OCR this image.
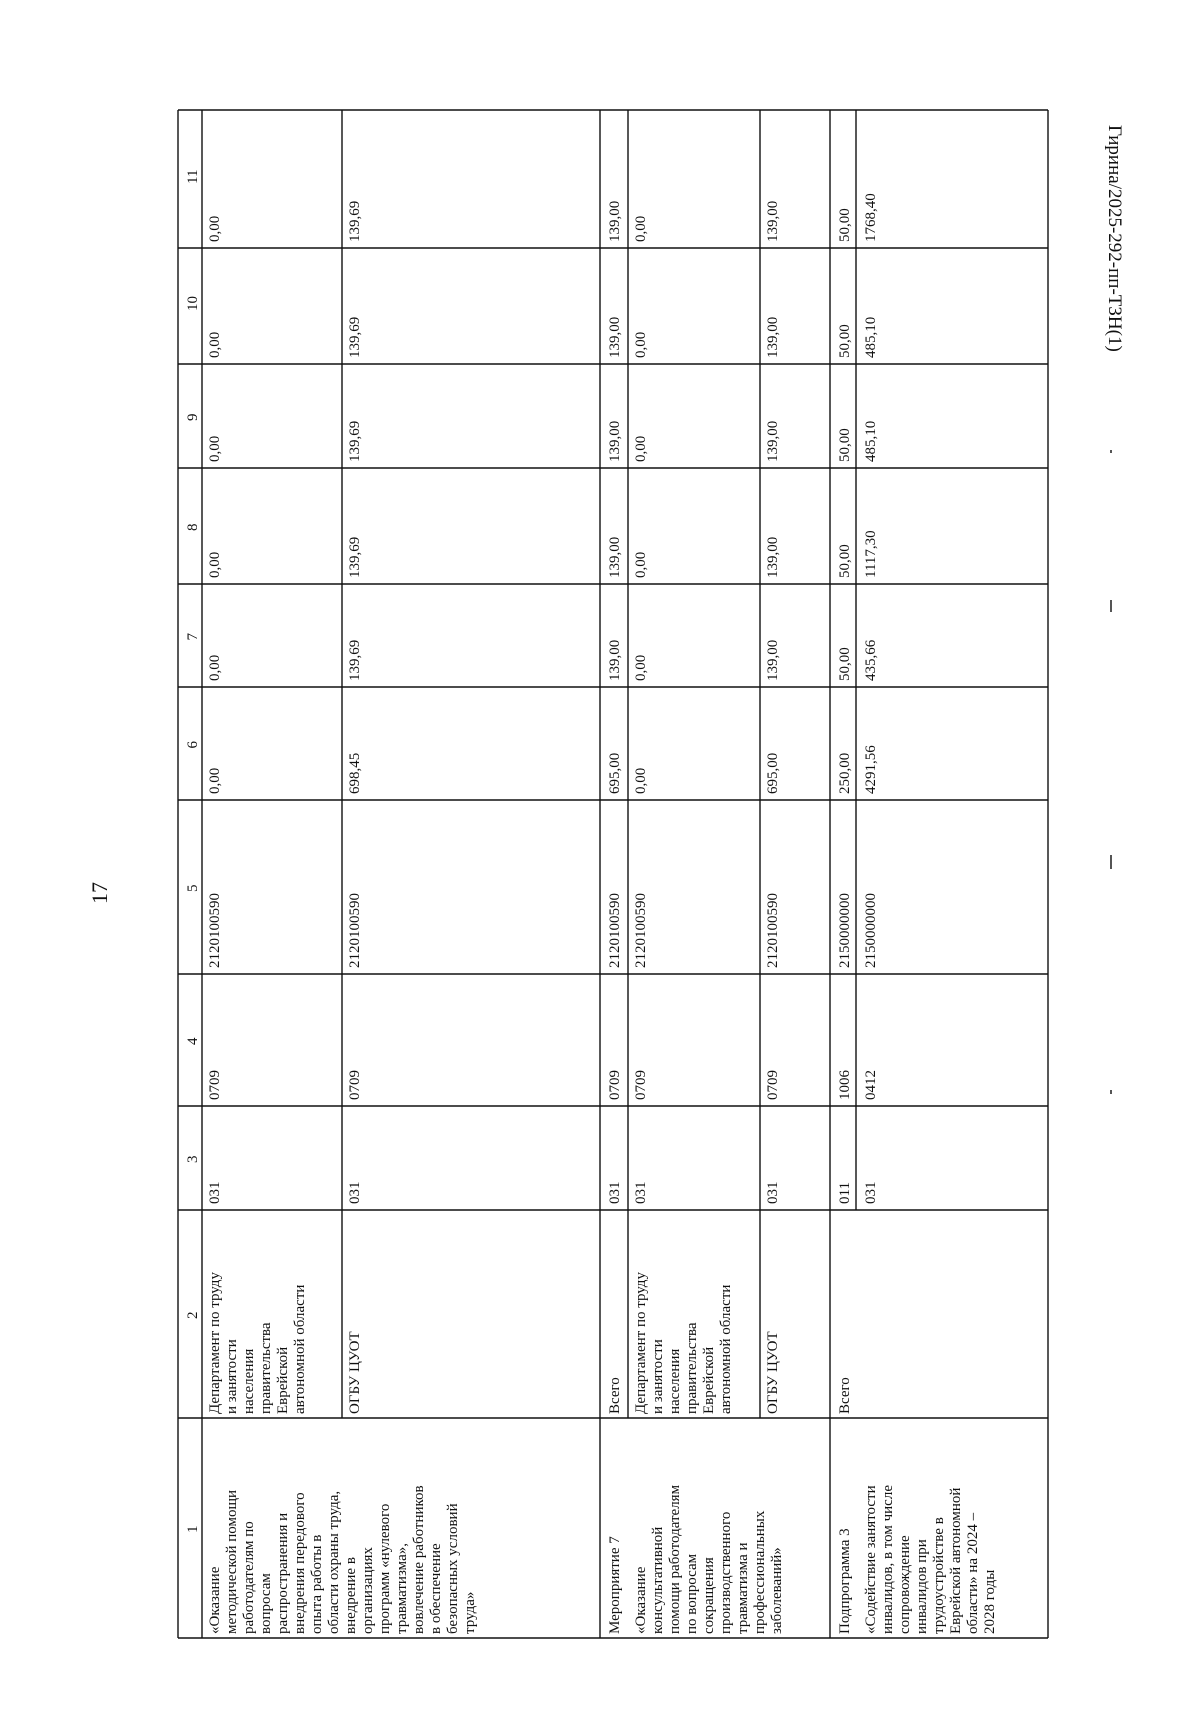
17
1
2
3
4
5
6
7
8
9
10
11
«Оказаниеметодической помощиработодателям повопросамраспространения ивнедрения передовогоопыта работы вобласти охраны труда,внедрение ворганизацияхпрограмм «нулевоготравматизма»,вовлечение работниковв обеспечениебезопасных условийтруда»
Департамент по трудуи занятостинаселенияправительстваЕврейскойавтономной области
031
0709
2120100590
0,00
0,00
0,00
0,00
0,00
0,00
ОГБУ ЦУОТ
031
0709
2120100590
698,45
139,69
139,69
139,69
139,69
139,69
Мероприятие 7
Всего
031
0709
2120100590
695,00
139,00
139,00
139,00
139,00
139,00
«Оказаниеконсультативнойпомощи работодателямпо вопросамсокращенияпроизводственноготравматизма ипрофессиональныхзаболеваний»
Департамент по трудуи занятостинаселенияправительстваЕврейскойавтономной области
031
0709
2120100590
0,00
0,00
0,00
0,00
0,00
0,00
ОГБУ ЦУОТ
031
0709
2120100590
695,00
139,00
139,00
139,00
139,00
139,00
Подпрограмма 3
Всего
011
1006
2150000000
250,00
50,00
50,00
50,00
50,00
50,00
031
0412
2150000000
4291,56
435,66
1117,30
485,10
485,10
1768,40
«Содействие занятостиинвалидов, в том числесопровождениеинвалидов притрудоустройстве вЕврейской автономнойобласти» на 2024 –2028 годы
Гирина/2025-292-пп-ТЗН(1)
